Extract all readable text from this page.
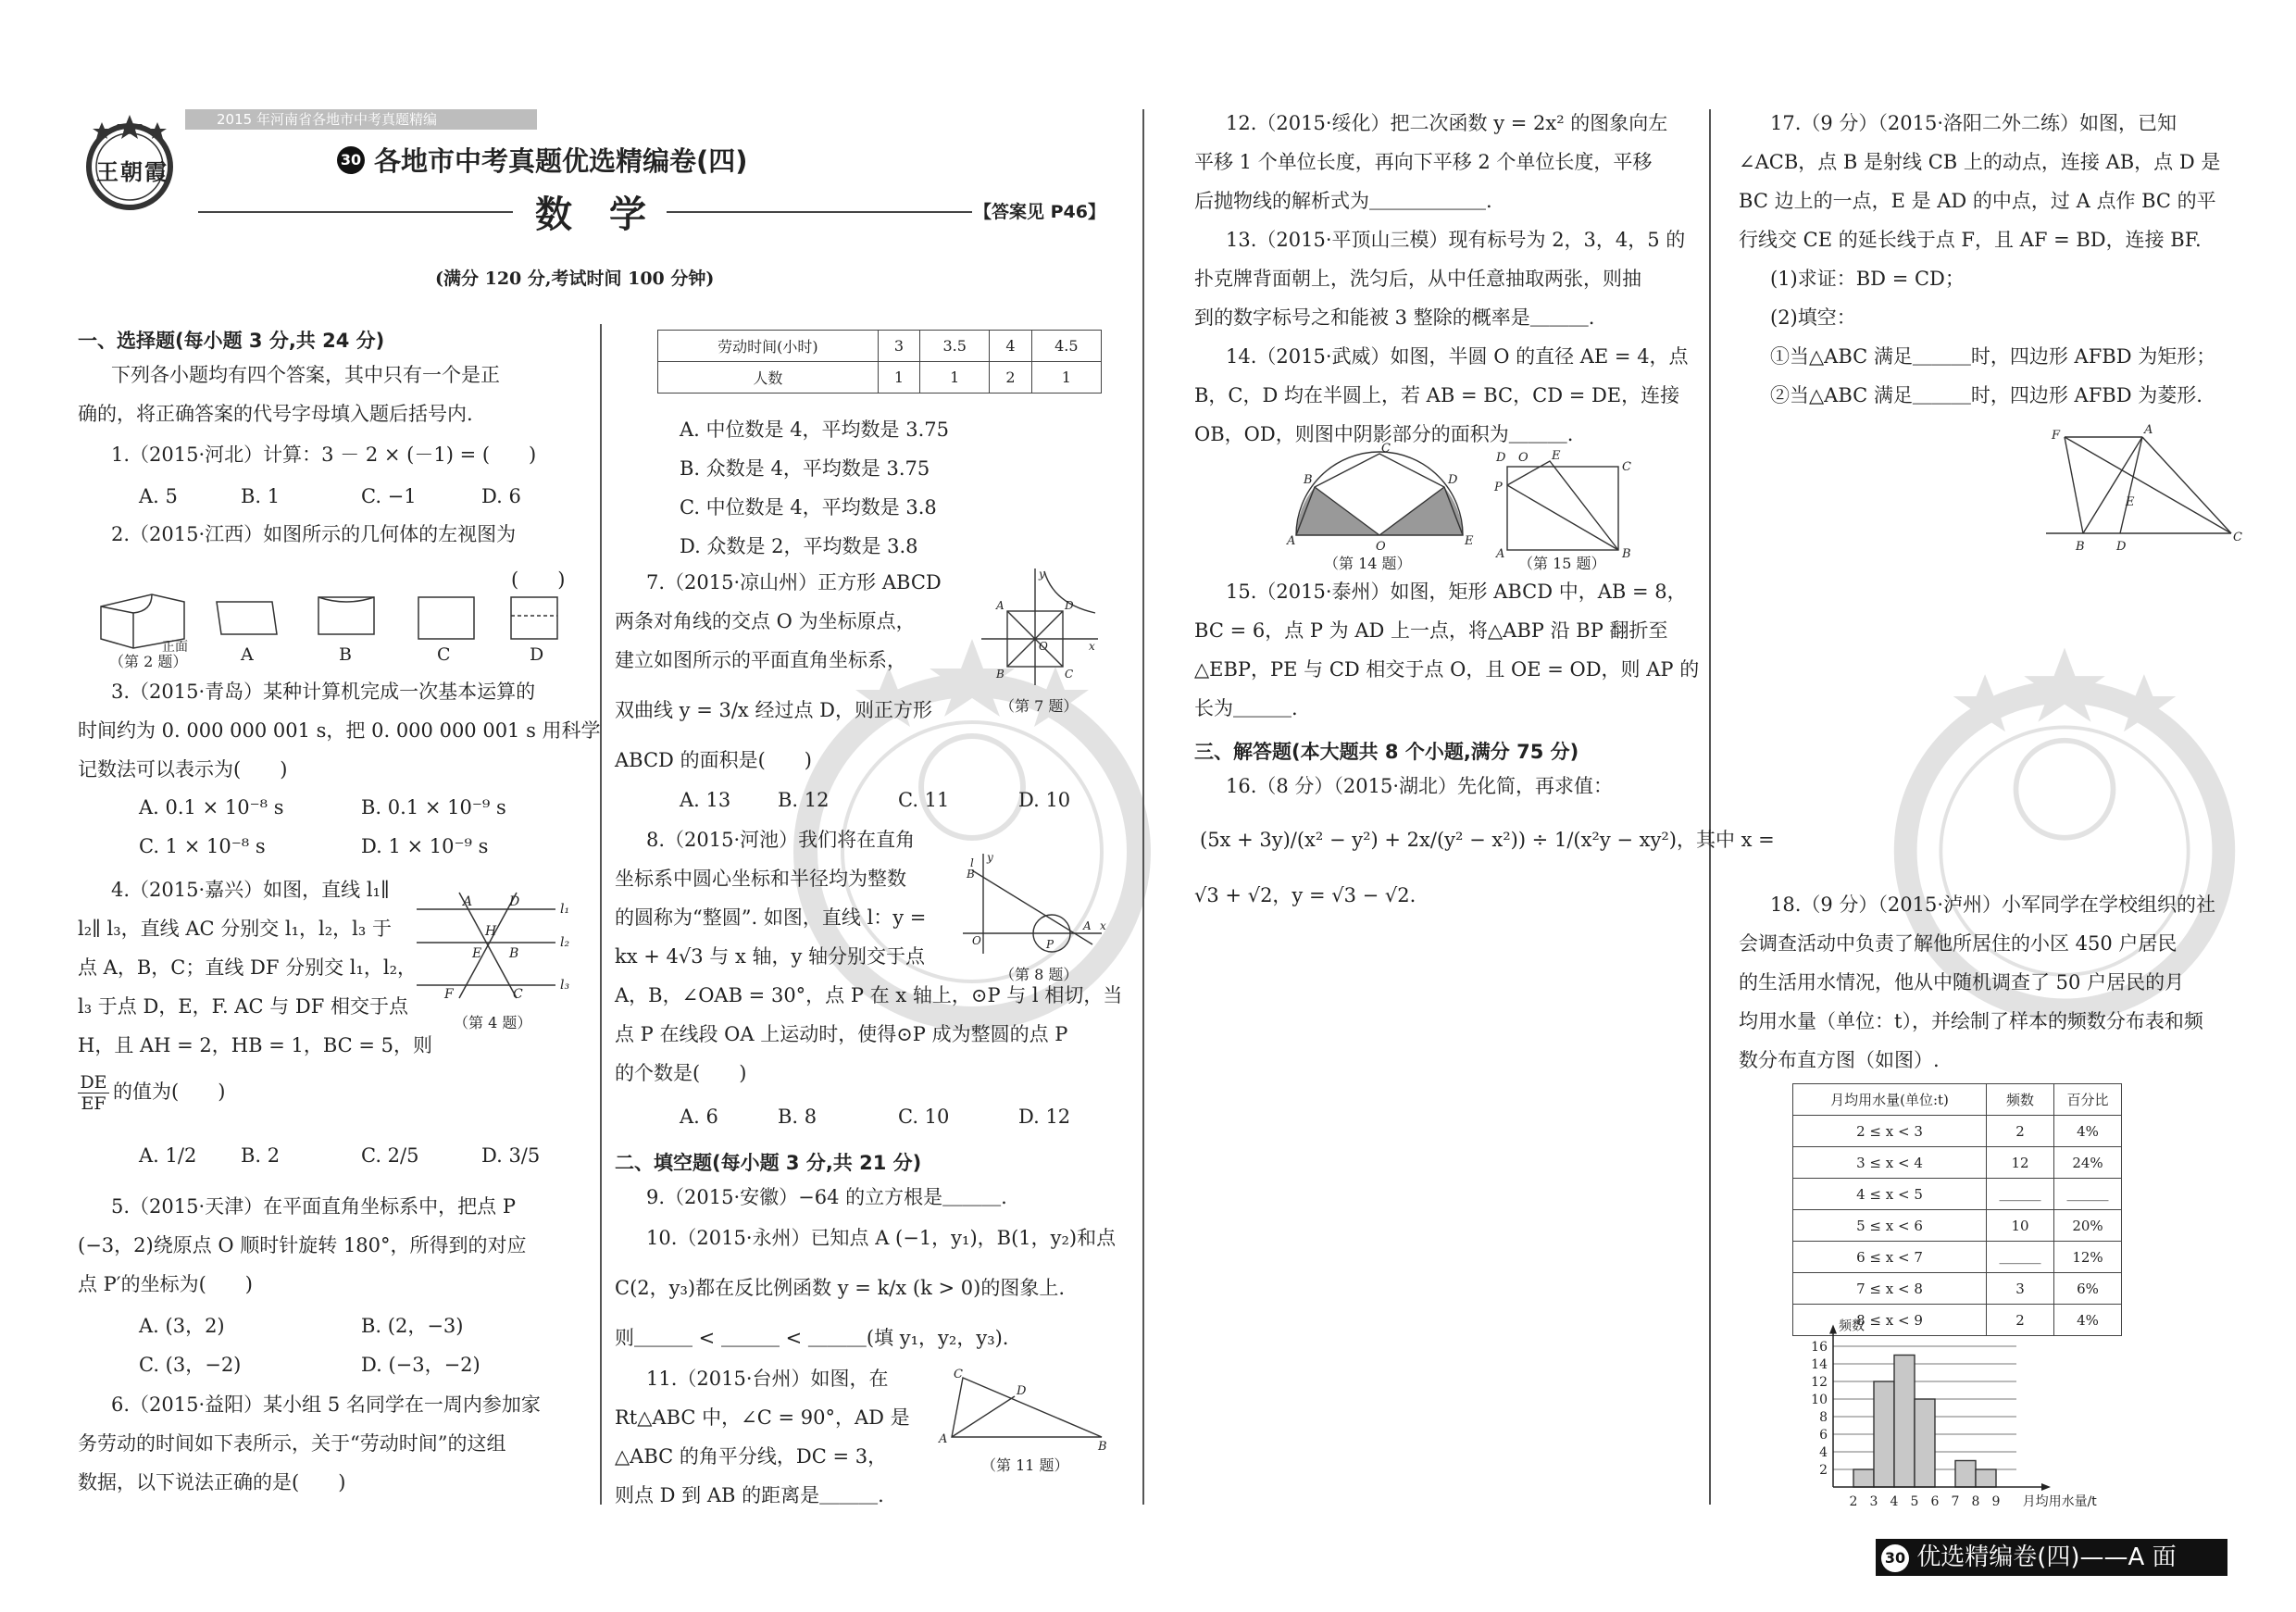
2015 年河南省各地市中考真题精编
王朝霞	30 各地市中考真题优选精编卷(四)
数　学	【答案见 P46】
(满分 120 分,考试时间 100 分钟)
一、选择题(每小题 3 分,共 24 分)
下列各小题均有四个答案，其中只有一个是正
确的，将正确答案的代号字母填入题后括号内.
1.（2015·河北）计算：3 － 2 × (－1) = (　　)
A. 5	B. 1	C. −1	D. 6
2.（2015·江西）如图所示的几何体的左视图为
(　　)
正面
（第 2 题）	A	B	C	D
3.（2015·青岛）某种计算机完成一次基本运算的
时间约为 0. 000 000 001 s，把 0. 000 000 001 s 用科学
记数法可以表示为(　　)
A. 0.1 × 10⁻⁸ s	B. 0.1 × 10⁻⁹ s
C. 1 × 10⁻⁸ s	D. 1 × 10⁻⁹ s
4.（2015·嘉兴）如图，直线 l₁∥
l₂∥ l₃，直线 AC 分别交 l₁，l₂，l₃ 于
点 A，B，C；直线 DF 分别交 l₁，l₂，
l₃ 于点 D，E，F. AC 与 DF 相交于点
H，且 AH = 2，HB = 1，BC = 5，则
$\frac{DE}{EF}$ 的值为(　　)
A	D
H
E B
F	C
l₁
l₂
l₃
（第 4 题）
A. 1/2 B. 2	C. 2/5	D. 3/5
5.（2015·天津）在平面直角坐标系中，把点 P
(−3，2)绕原点 O 顺时针旋转 180°，所得到的对应
点 P′的坐标为(　　)
A. (3，2)	B. (2，−3)
C. (3，−2)	D. (−3，−2)
6.（2015·益阳）某小组 5 名同学在一周内参加家
务劳动的时间如下表所示，关于“劳动时间”的这组
数据，以下说法正确的是(　　)
劳动时间(小时)	3	3.5	4	4.5
人数	1	1	2	1
A. 中位数是 4，平均数是 3.75
B. 众数是 4，平均数是 3.75
C. 中位数是 4，平均数是 3.8
D. 众数是 2，平均数是 3.8
7.（2015·凉山州）正方形 ABCD
两条对角线的交点 O 为坐标原点，
建立如图所示的平面直角坐标系，
双曲线 y = 3/x 经过点 D，则正方形
ABCD 的面积是(　　)
y
x
O
A	D
B	C
（第 7 题）
A. 13 B. 12	C. 11	D. 10
8.（2015·河池）我们将在直角
坐标系中圆心坐标和半径均为整数
的圆称为“整圆”. 如图，直线 l：y =
kx + 4√3 与 x 轴，y 轴分别交于点
A，B，∠OAB = 30°，点 P 在 x 轴上，⊙P 与 l 相切，当
点 P 在线段 OA 上运动时，使得⊙P 成为整圆的点 P
的个数是(　　)
y
x
O
B
A
P
l
（第 8 题）
A. 6	B. 8	C. 10	D. 12
二、填空题(每小题 3 分,共 21 分)
9.（2015·安徽）−64 的立方根是＿＿＿.
10.（2015·永州）已知点 A (−1，y₁)，B(1，y₂)和点
C(2，y₃)都在反比例函数 y = k/x (k > 0)的图象上.
则＿＿＿ < ＿＿＿ < ＿＿＿(填 y₁，y₂，y₃).
11.（2015·台州）如图，在
Rt△ABC 中，∠C = 90°，AD 是
△ABC 的角平分线，DC = 3，
则点 D 到 AB 的距离是＿＿＿.
C
D
A
B
（第 11 题）
12.（2015·绥化）把二次函数 y = 2x² 的图象向左
平移 1 个单位长度，再向下平移 2 个单位长度，平移
后抛物线的解析式为＿＿＿＿＿＿.
13.（2015·平顶山三模）现有标号为 2，3，4，5 的
扑克牌背面朝上，洗匀后，从中任意抽取两张，则抽
到的数字标号之和能被 3 整除的概率是＿＿＿.
14.（2015·武威）如图，半圆 O 的直径 AE = 4，点
B，C，D 均在半圆上，若 AB = BC，CD = DE，连接
OB，OD，则图中阴影部分的面积为＿＿＿.
A
B
C
D
E
O
（第 14 题）
D O E
C
P
A	B
（第 15 题）
15.（2015·泰州）如图，矩形 ABCD 中，AB = 8，
BC = 6，点 P 为 AD 上一点，将△ABP 沿 BP 翻折至
△EBP，PE 与 CD 相交于点 O，且 OE = OD，则 AP 的
长为＿＿＿.
三、解答题(本大题共 8 个小题,满分 75 分)
16.（8 分）（2015·湖北）先化简，再求值：
(5x + 3y)/(x² − y²) + 2x/(y² − x²)) ÷ 1/(x²y − xy²)，其中 x =
√3 + √2，y = √3 − √2.
17.（9 分）（2015·洛阳二外二练）如图，已知
∠ACB，点 B 是射线 CB 上的动点，连接 AB，点 D 是
BC 边上的一点，E 是 AD 的中点，过 A 点作 BC 的平
行线交 CE 的延长线于点 F，且 AF = BD，连接 BF.
(1)求证：BD = CD；
(2)填空：
①当△ABC 满足＿＿＿时，四边形 AFBD 为矩形；
②当△ABC 满足＿＿＿时，四边形 AFBD 为菱形.
F	A
E
B	D
C
18.（9 分）（2015·泸州）小军同学在学校组织的社
会调查活动中负责了解他所居住的小区 450 户居民
的生活用水情况，他从中随机调查了 50 户居民的月
均用水量（单位：t），并绘制了样本的频数分布表和频
数分布直方图（如图）.
月均用水量(单位:t)	频数	百分比
2 ≤ x < 3	2	4%
3 ≤ x < 4	12	24%
4 ≤ x < 5	＿＿＿	＿＿＿
5 ≤ x < 6	10	20%
6 ≤ x < 7	＿＿＿	12%
7 ≤ x < 8	3	6%
8 ≤ x < 9	2	4%
2
4
6
8
10
12
14
16
2 3 4 5 6 7 8 9
频数
月均用水量/t
30 优选精编卷(四)——A 面
